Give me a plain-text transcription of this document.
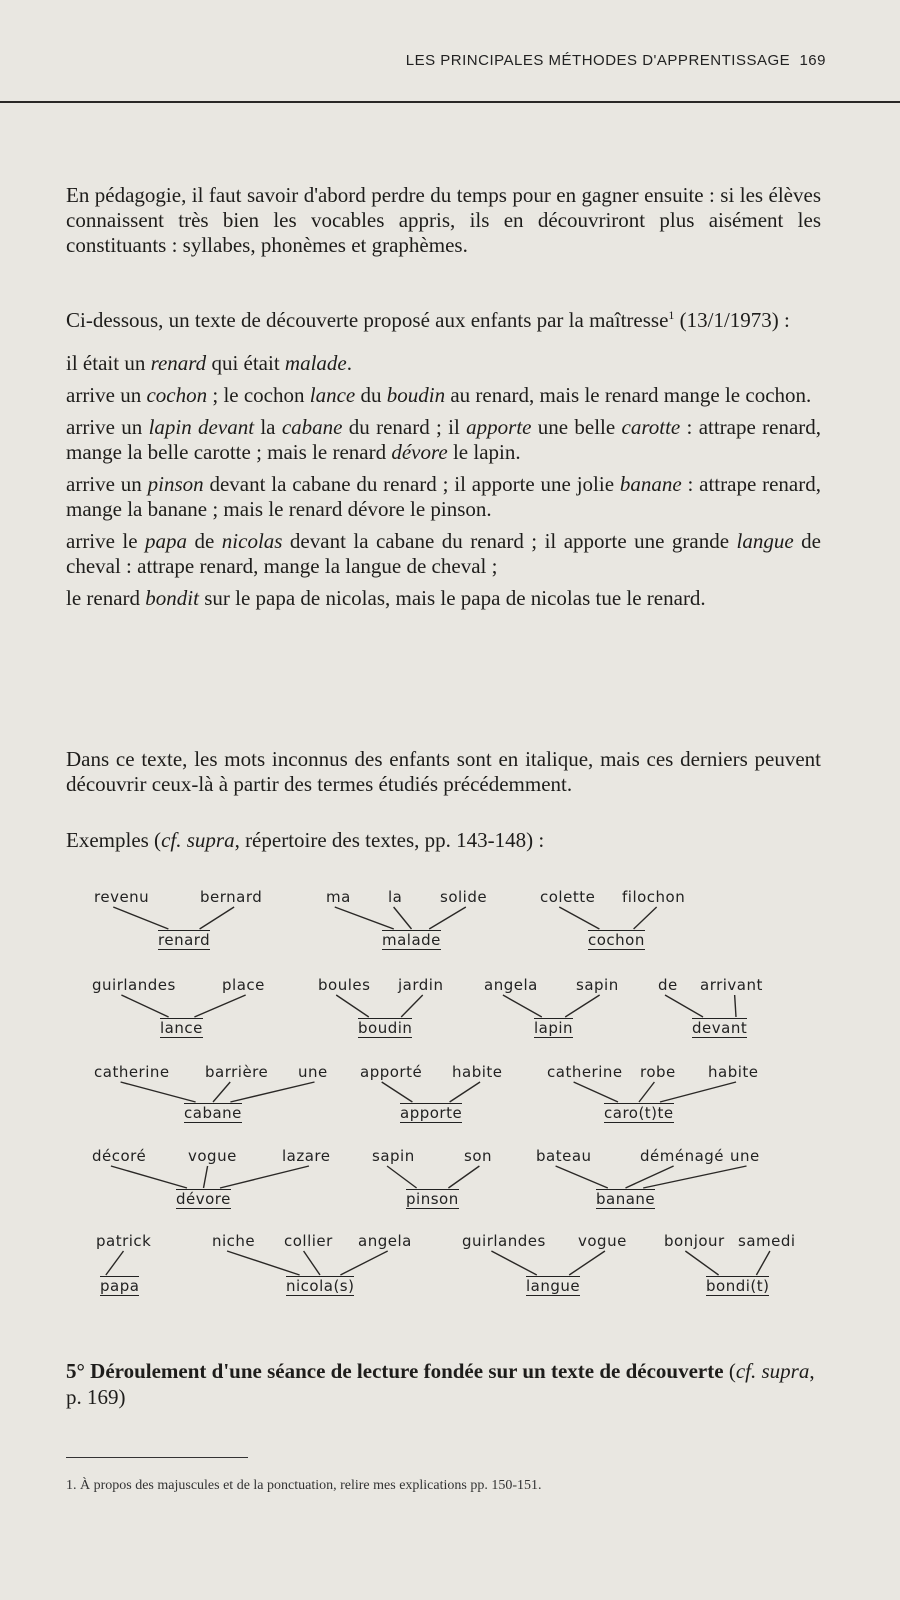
LES PRINCIPALES MÉTHODES D'APPRENTISSAGE 169

En pédagogie, il faut savoir d'abord perdre du temps pour en gagner ensuite : si les élèves connaissent très bien les vocables appris, ils en découvriront plus aisément les constituants : syllabes, phonèmes et graphèmes.

Ci-dessous, un texte de découverte proposé aux enfants par la maîtresse$^1$ (13/1/1973) :

il était un renard qui était malade.

arrive un cochon ; le cochon lance du boudin au renard, mais le renard mange le cochon.

arrive un lapin devant la cabane du renard ; il apporte une belle carotte : attrape renard, mange la belle carotte ; mais le renard dévore le lapin.

arrive un pinson devant la cabane du renard ; il apporte une jolie banane : attrape renard, mange la banane ; mais le renard dévore le pinson.

arrive le papa de nicolas devant la cabane du renard ; il apporte une grande langue de cheval : attrape renard, mange la langue de cheval ;

le renard bondit sur le papa de nicolas, mais le papa de nicolas tue le renard.

Dans ce texte, les mots inconnus des enfants sont en italique, mais ces derniers peuvent découvrir ceux-là à partir des termes étudiés précédemment.

Exemples (cf. supra, répertoire des textes, pp. 143-148) :

renard
revenu	bernard
malade
ma la	solide
cochon
colette filochon
lance
guirlandes	place
boudin
boules jardin
lapin
angela	sapin
devant
de arrivant
cabane
catherine barrière une
apporte
apporté habite
caro(t)te
catherine robe habite
dévore
décoré	vogue	lazare
pinson
sapin	son
banane
bateau	déménagé une
papa
patrick
nicola(s)
niche collier angela
langue
guirlandes vogue
bondi(t)
bonjour samedi
5° Déroulement d'une séance de lecture fondée sur un texte de découverte (cf. supra, p. 169)
1. À propos des majuscules et de la ponctuation, relire mes explications pp. 150-151.
